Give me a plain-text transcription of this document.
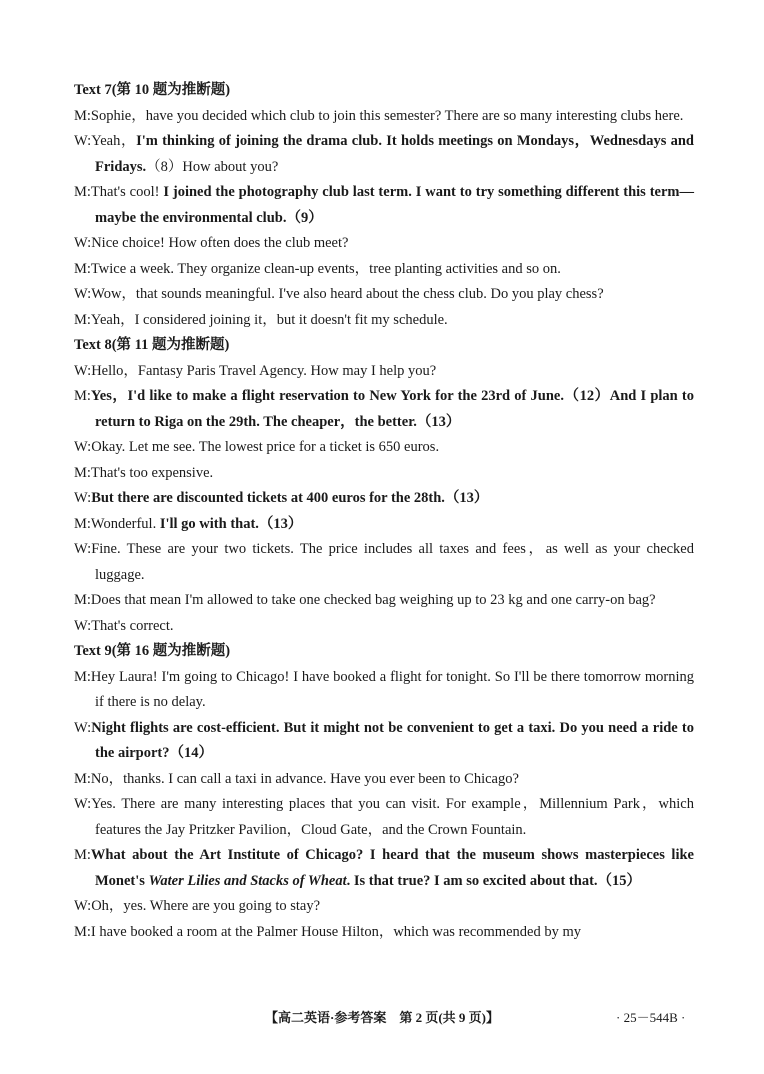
Text 7(第 10 题为推断题)
M:Sophie，have you decided which club to join this semester? There are so many interesting clubs here.
W:Yeah，I'm thinking of joining the drama club. It holds meetings on Mondays，Wednesdays and Fridays.（8）How about you?
M:That's cool! I joined the photography club last term. I want to try something different this term—maybe the environmental club.（9）
W:Nice choice! How often does the club meet?
M:Twice a week. They organize clean-up events，tree planting activities and so on.
W:Wow，that sounds meaningful. I've also heard about the chess club. Do you play chess?
M:Yeah，I considered joining it，but it doesn't fit my schedule.
Text 8(第 11 题为推断题)
W:Hello，Fantasy Paris Travel Agency. How may I help you?
M:Yes，I'd like to make a flight reservation to New York for the 23rd of June.（12）And I plan to return to Riga on the 29th. The cheaper，the better.（13）
W:Okay. Let me see. The lowest price for a ticket is 650 euros.
M:That's too expensive.
W:But there are discounted tickets at 400 euros for the 28th.（13）
M:Wonderful. I'll go with that.（13）
W:Fine. These are your two tickets. The price includes all taxes and fees，as well as your checked luggage.
M:Does that mean I'm allowed to take one checked bag weighing up to 23 kg and one carry-on bag?
W:That's correct.
Text 9(第 16 题为推断题)
M:Hey Laura! I'm going to Chicago! I have booked a flight for tonight. So I'll be there tomorrow morning if there is no delay.
W:Night flights are cost-efficient. But it might not be convenient to get a taxi. Do you need a ride to the airport?（14）
M:No，thanks. I can call a taxi in advance. Have you ever been to Chicago?
W:Yes. There are many interesting places that you can visit. For example，Millennium Park，which features the Jay Pritzker Pavilion，Cloud Gate，and the Crown Fountain.
M:What about the Art Institute of Chicago? I heard that the museum shows masterpieces like Monet's Water Lilies and Stacks of Wheat. Is that true? I am so excited about that.（15）
W:Oh，yes. Where are you going to stay?
M:I have booked a room at the Palmer House Hilton，which was recommended by my
【高二英语·参考答案　第 2 页(共 9 页)】	· 25－544B ·
